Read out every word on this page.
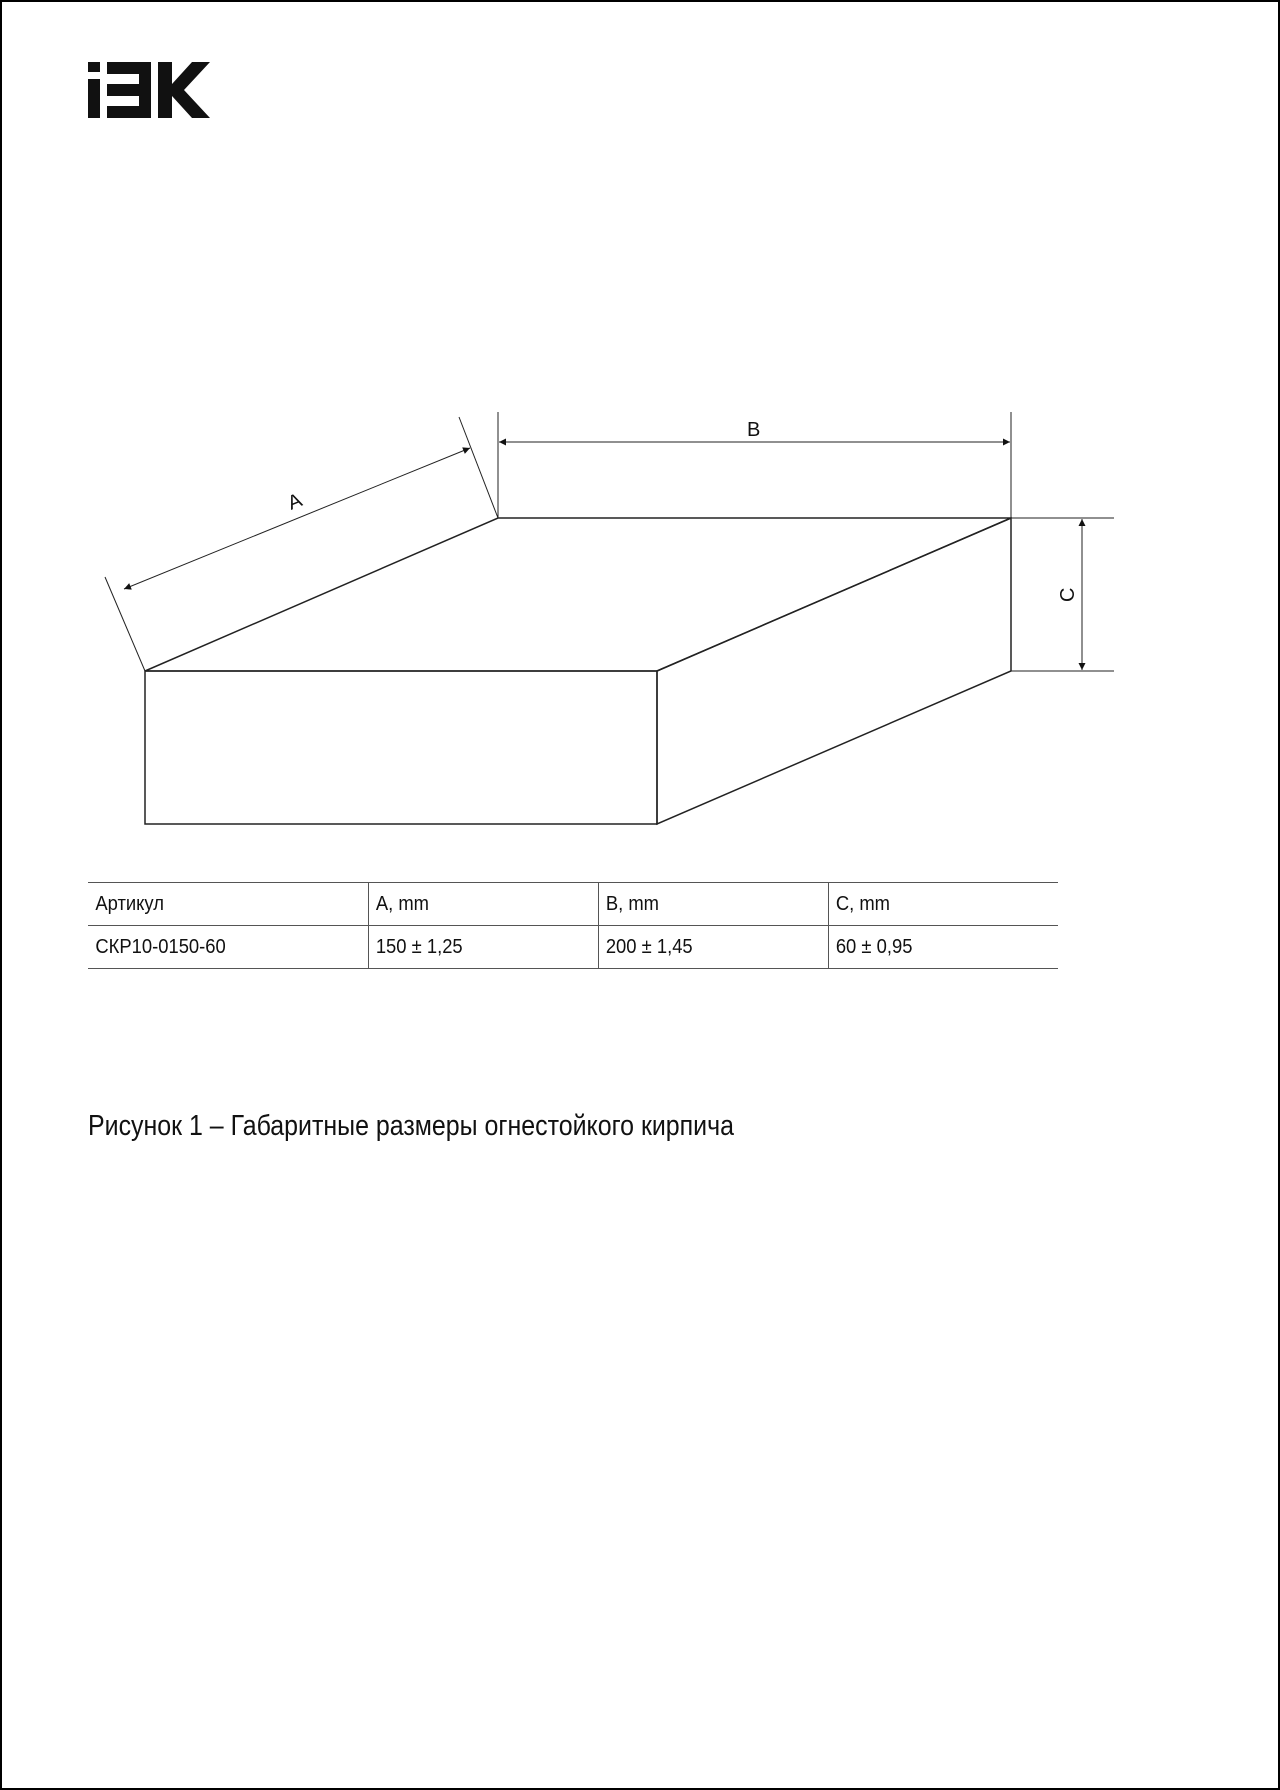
A
B
C
Артикул	A, mm	B, mm	C, mm
СКР10-0150-60	150 ± 1,25	200 ± 1,45	60 ± 0,95
Рисунок 1 – Габаритные размеры огнестойкого кирпича
